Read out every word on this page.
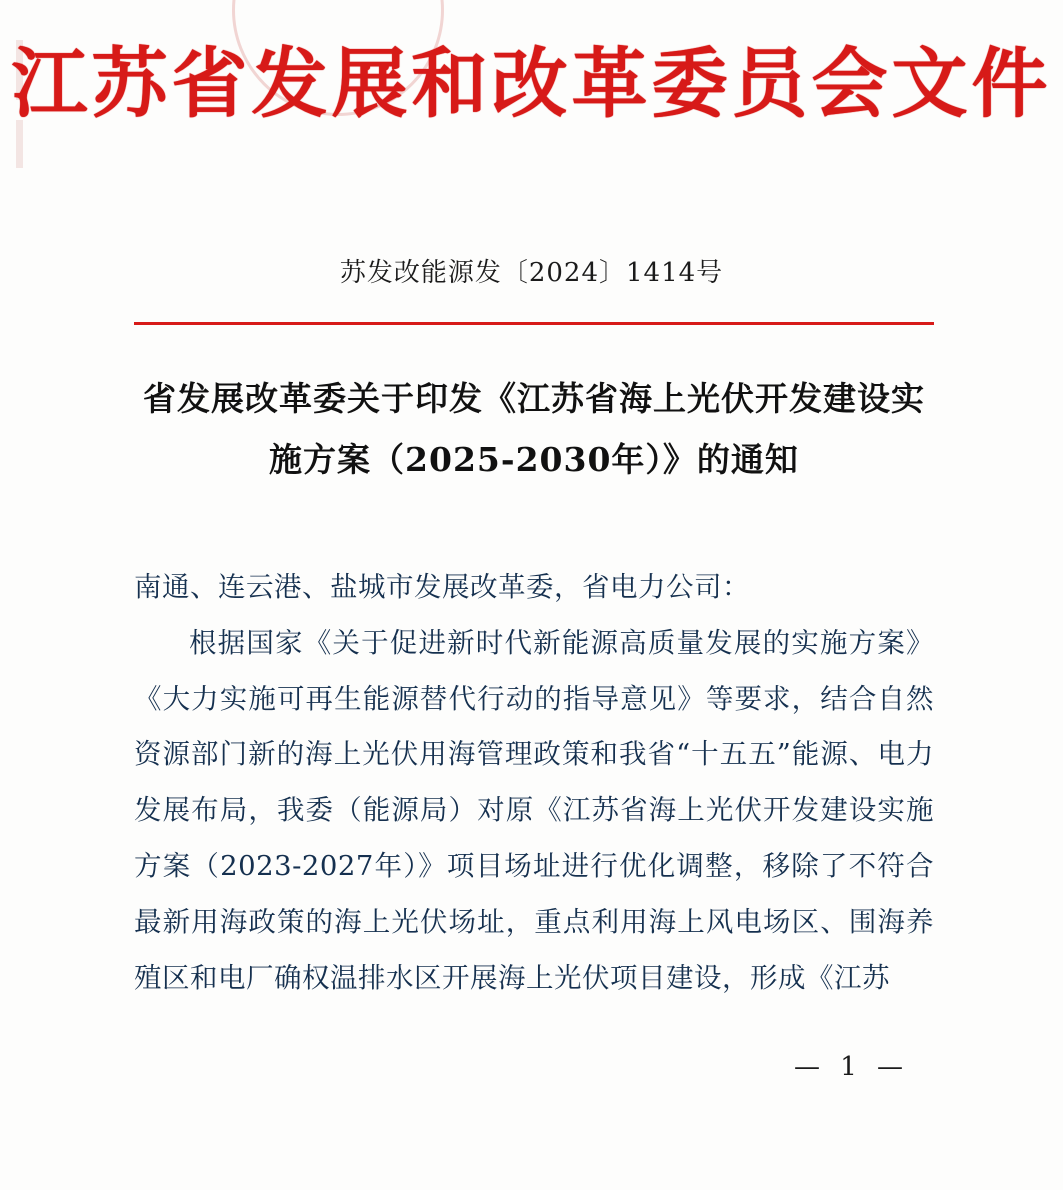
江苏省发展和改革委员会文件
苏发改能源发〔2024〕1414号
省发展改革委关于印发《江苏省海上光伏开发建设实施方案（2025-2030年）》的通知

南通、连云港、盐城市发展改革委，省电力公司：

根据国家《关于促进新时代新能源高质量发展的实施方案》《大力实施可再生能源替代行动的指导意见》等要求，结合自然资源部门新的海上光伏用海管理政策和我省“十五五”能源、电力发展布局，我委（能源局）对原《江苏省海上光伏开发建设实施方案（2023-2027年）》项目场址进行优化调整，移除了不符合最新用海政策的海上光伏场址，重点利用海上风电场区、围海养殖区和电厂确权温排水区开展海上光伏项目建设，形成《江苏

— 1 —
